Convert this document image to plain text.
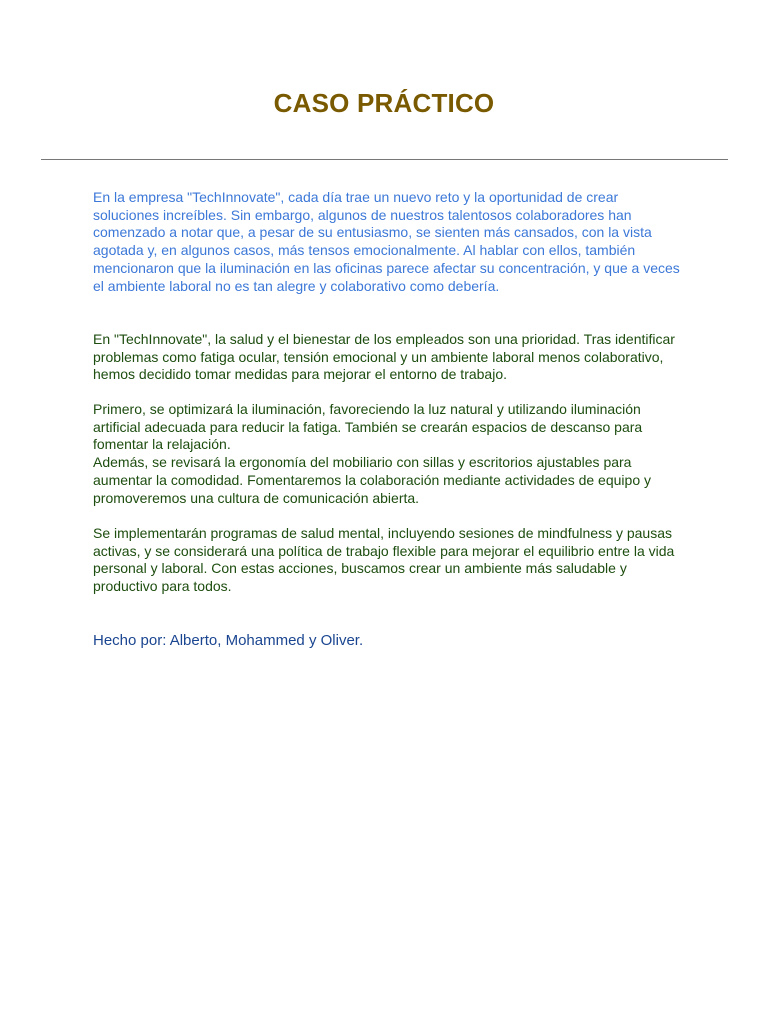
CASO PRÁCTICO

En la empresa "TechInnovate", cada día trae un nuevo reto y la oportunidad de crear soluciones increíbles. Sin embargo, algunos de nuestros talentosos colaboradores han comenzado a notar que, a pesar de su entusiasmo, se sienten más cansados, con la vista agotada y, en algunos casos, más tensos emocionalmente. Al hablar con ellos, también mencionaron que la iluminación en las oficinas parece afectar su concentración, y que a veces el ambiente laboral no es tan alegre y colaborativo como debería.

En "TechInnovate", la salud y el bienestar de los empleados son una prioridad. Tras identificar problemas como fatiga ocular, tensión emocional y un ambiente laboral menos colaborativo, hemos decidido tomar medidas para mejorar el entorno de trabajo.

Primero, se optimizará la iluminación, favoreciendo la luz natural y utilizando iluminación artificial adecuada para reducir la fatiga. También se crearán espacios de descanso para fomentar la relajación.
Además, se revisará la ergonomía del mobiliario con sillas y escritorios ajustables para aumentar la comodidad. Fomentaremos la colaboración mediante actividades de equipo y promoveremos una cultura de comunicación abierta.

Se implementarán programas de salud mental, incluyendo sesiones de mindfulness y pausas activas, y se considerará una política de trabajo flexible para mejorar el equilibrio entre la vida personal y laboral. Con estas acciones, buscamos crear un ambiente más saludable y productivo para todos.

Hecho por: Alberto, Mohammed y Oliver.
